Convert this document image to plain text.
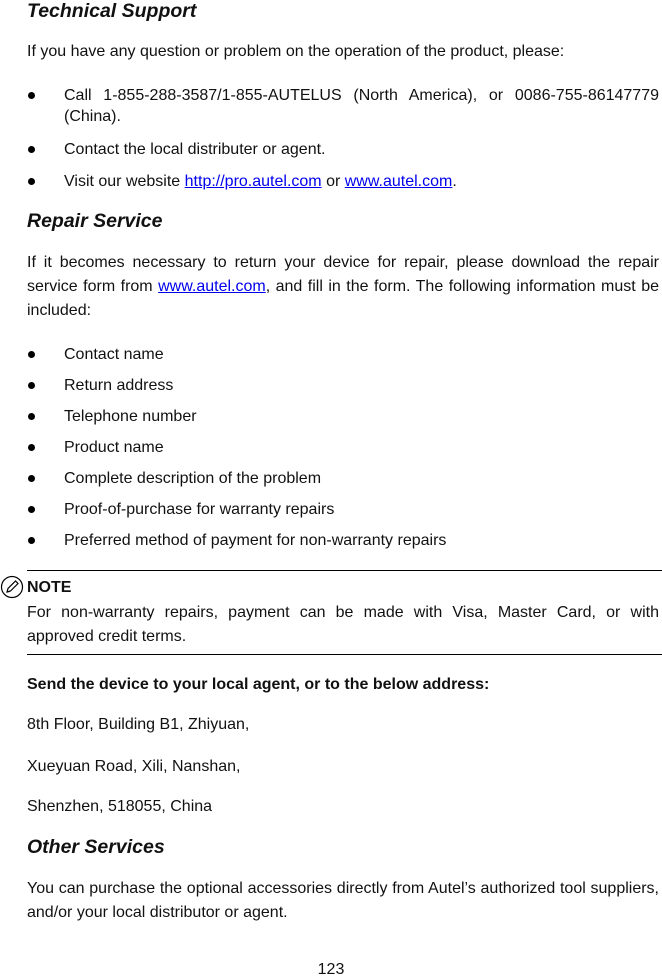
Technical Support

If you have any question or problem on the operation of the product, please:

Call 1-855-288-3587/1-855-AUTELUS (North America), or 0086-755-86147779 (China).
Contact the local distributer or agent.
Visit our website http://pro.autel.com or www.autel.com.
Repair Service

If it becomes necessary to return your device for repair, please download the repair service form from www.autel.com, and fill in the form. The following information must be included:

Contact name
Return address
Telephone number
Product name
Complete description of the problem
Proof-of-purchase for warranty repairs
Preferred method of payment for non-warranty repairs
NOTE
For non-warranty repairs, payment can be made with Visa, Master Card, or with approved credit terms.
Send the device to your local agent, or to the below address:
8th Floor, Building B1, Zhiyuan,
Xueyuan Road, Xili, Nanshan,
Shenzhen, 518055, China
Other Services

You can purchase the optional accessories directly from Autel’s authorized tool suppliers, and/or your local distributor or agent.

123
